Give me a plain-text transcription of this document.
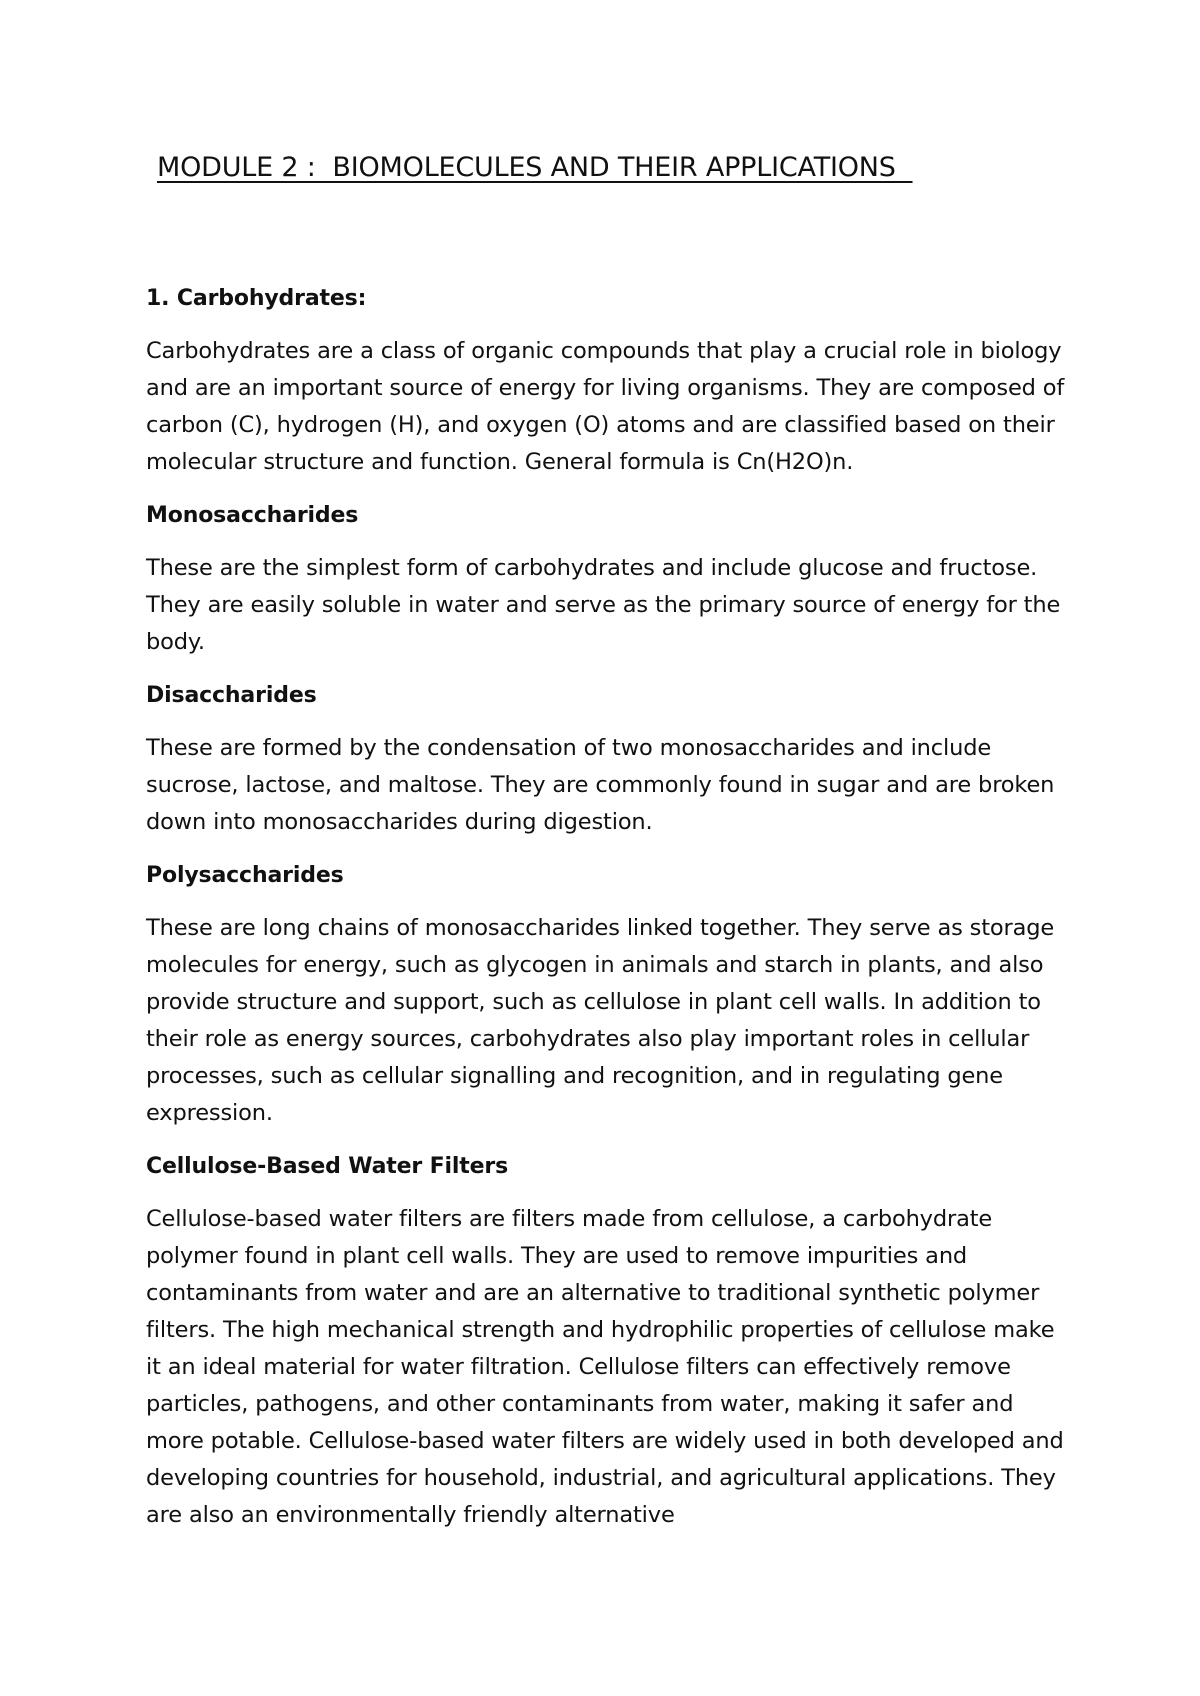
MODULE 2 :  BIOMOLECULES AND THEIR APPLICATIONS

1. Carbohydrates:

Carbohydrates are a class of organic compounds that play a crucial role in biology and are an important source of energy for living organisms. They are composed of carbon (C), hydrogen (H), and oxygen (O) atoms and are classified based on their molecular structure and function. General formula is Cn(H2O)n.

Monosaccharides

These are the simplest form of carbohydrates and include glucose and fructose. They are easily soluble in water and serve as the primary source of energy for the body.

Disaccharides

These are formed by the condensation of two monosaccharides and include sucrose, lactose, and maltose. They are commonly found in sugar and are broken down into monosaccharides during digestion.

Polysaccharides

These are long chains of monosaccharides linked together. They serve as storage molecules for energy, such as glycogen in animals and starch in plants, and also provide structure and support, such as cellulose in plant cell walls. In addition to their role as energy sources, carbohydrates also play important roles in cellular processes, such as cellular signalling and recognition, and in regulating gene expression.

Cellulose-Based Water Filters

Cellulose-based water filters are filters made from cellulose, a carbohydrate polymer found in plant cell walls. They are used to remove impurities and contaminants from water and are an alternative to traditional synthetic polymer filters. The high mechanical strength and hydrophilic properties of cellulose make it an ideal material for water filtration. Cellulose filters can effectively remove particles, pathogens, and other contaminants from water, making it safer and more potable. Cellulose-based water filters are widely used in both developed and developing countries for household, industrial, and agricultural applications. They are also an environmentally friendly alternative
